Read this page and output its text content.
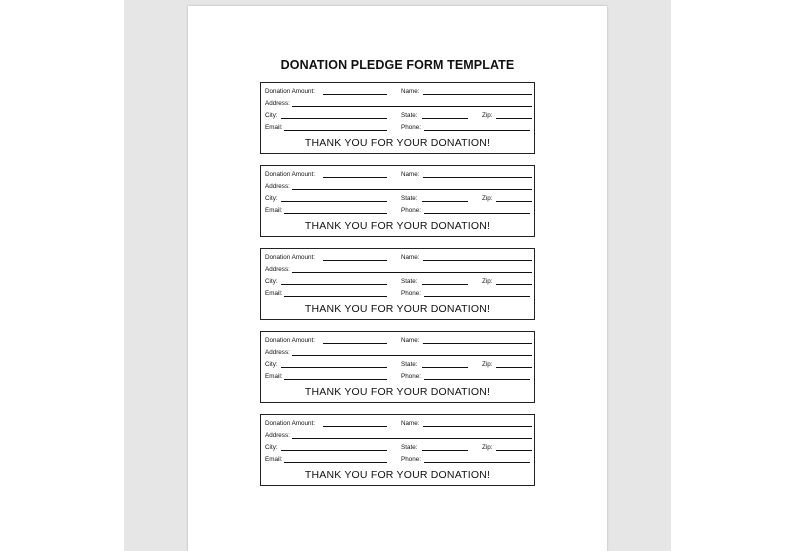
DONATION PLEDGE FORM TEMPLATE
Donation Amount:	Name:
Address:
City:	State:	Zip:
Email:	Phone:
THANK YOU FOR YOUR DONATION!
Donation Amount:	Name:
Address:
City:	State:	Zip:
Email:	Phone:
THANK YOU FOR YOUR DONATION!
Donation Amount:	Name:
Address:
City:	State:	Zip:
Email:	Phone:
THANK YOU FOR YOUR DONATION!
Donation Amount:	Name:
Address:
City:	State:	Zip:
Email:	Phone:
THANK YOU FOR YOUR DONATION!
Donation Amount:	Name:
Address:
City:	State:	Zip:
Email:	Phone:
THANK YOU FOR YOUR DONATION!
